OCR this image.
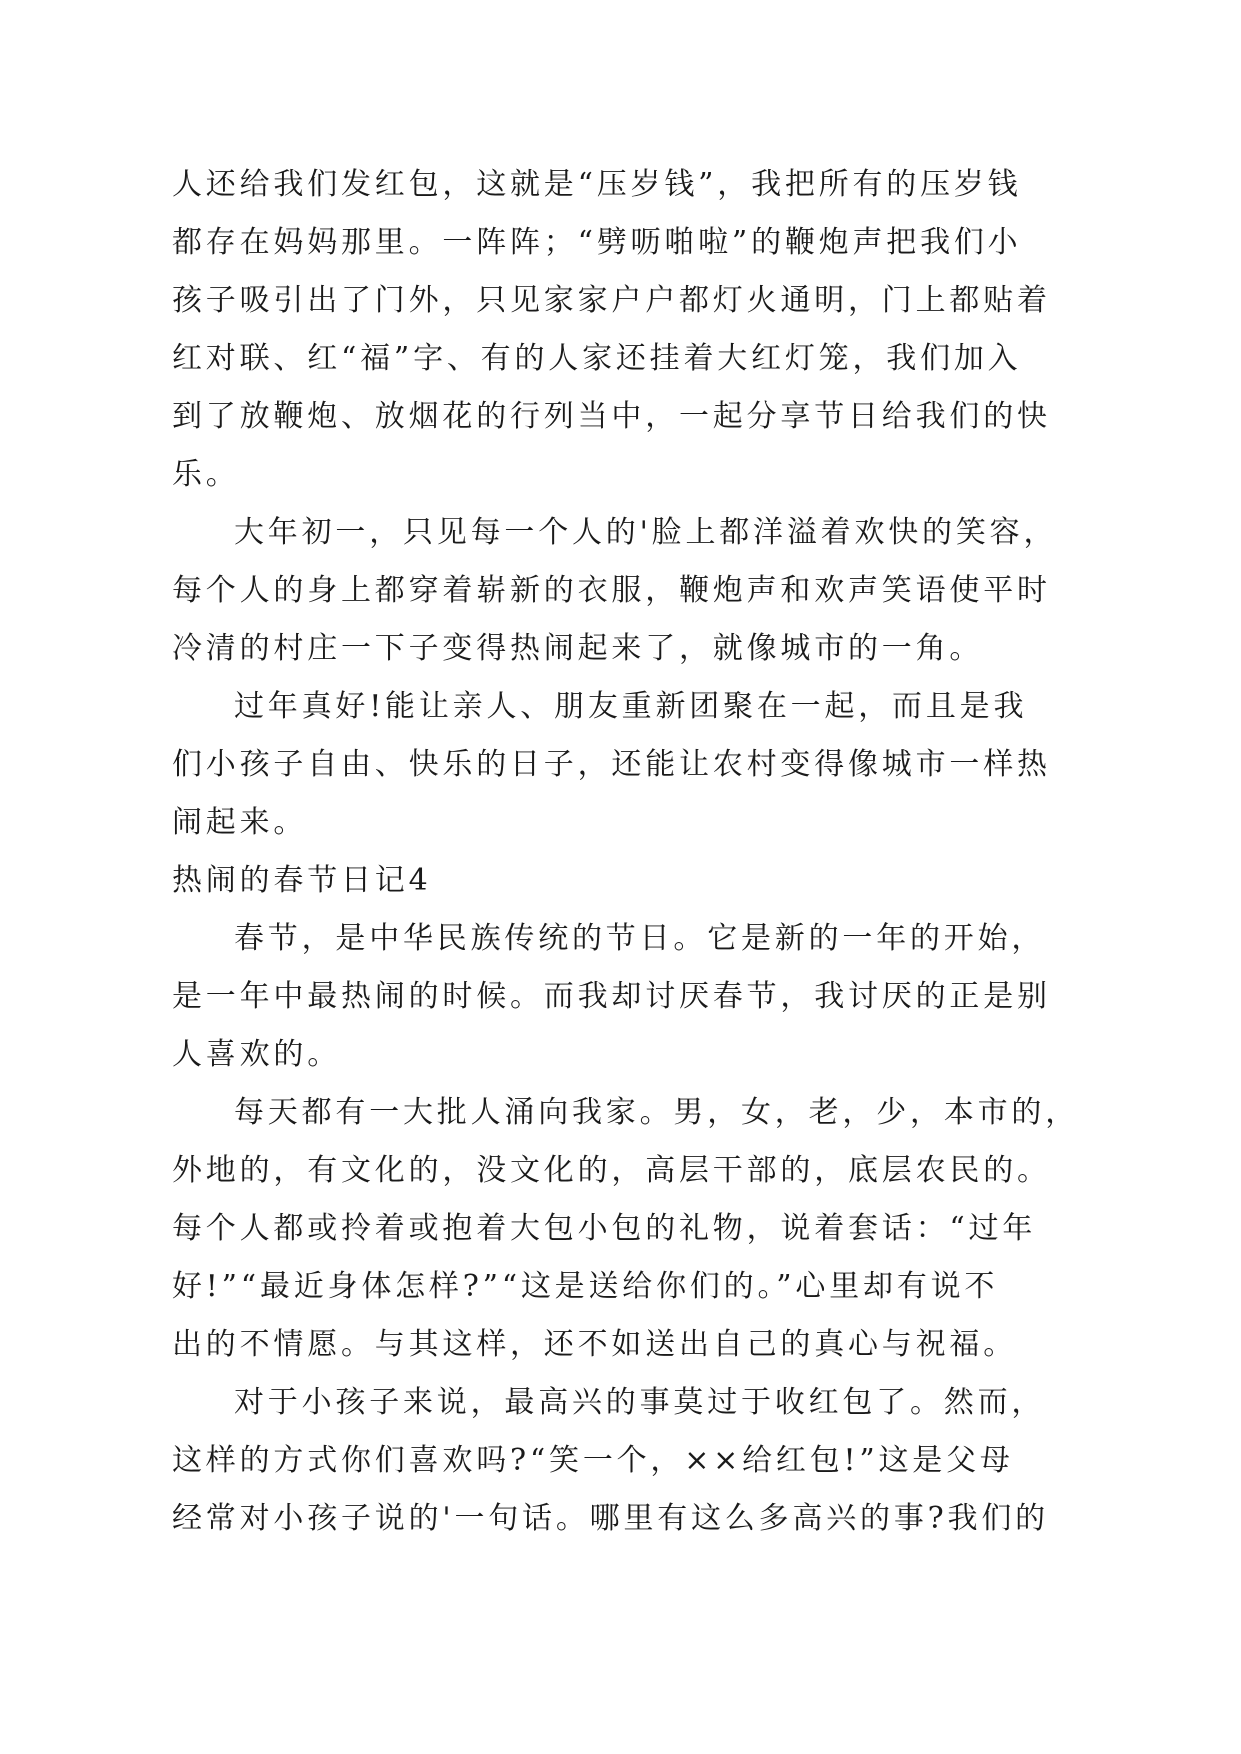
人还给我们发红包，这就是“压岁钱”，我把所有的压岁钱
都存在妈妈那里。一阵阵；“劈呖啪啦”的鞭炮声把我们小
孩子吸引出了门外，只见家家户户都灯火通明，门上都贴着
红对联、红“福”字、有的人家还挂着大红灯笼，我们加入
到了放鞭炮、放烟花的行列当中，一起分享节日给我们的快
乐。
大年初一，只见每一个人的'脸上都洋溢着欢快的笑容，
每个人的身上都穿着崭新的衣服，鞭炮声和欢声笑语使平时
冷清的村庄一下子变得热闹起来了，就像城市的一角。
过年真好!能让亲人、朋友重新团聚在一起，而且是我
们小孩子自由、快乐的日子，还能让农村变得像城市一样热
闹起来。
热闹的春节日记4
春节，是中华民族传统的节日。它是新的一年的开始，
是一年中最热闹的时候。而我却讨厌春节，我讨厌的正是别
人喜欢的。
每天都有一大批人涌向我家。男，女，老，少，本市的，
外地的，有文化的，没文化的，高层干部的，底层农民的。
每个人都或拎着或抱着大包小包的礼物，说着套话：“过年
好!”“最近身体怎样?”“这是送给你们的。”心里却有说不
出的不情愿。与其这样，还不如送出自己的真心与祝福。
对于小孩子来说，最高兴的事莫过于收红包了。然而，
这样的方式你们喜欢吗?“笑一个，××给红包!”这是父母
经常对小孩子说的'一句话。哪里有这么多高兴的事?我们的
